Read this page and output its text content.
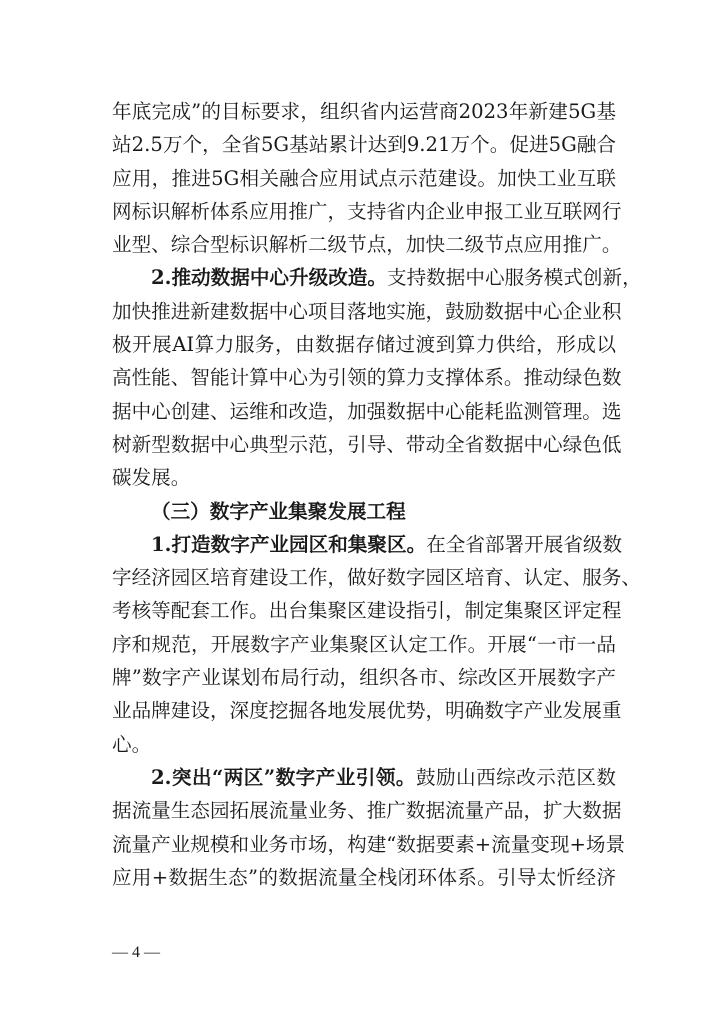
年底完成”的目标要求，组织省内运营商2023年新建5G基
站2.5万个，全省5G基站累计达到9.21万个。促进5G融合
应用，推进5G相关融合应用试点示范建设。加快工业互联
网标识解析体系应用推广，支持省内企业申报工业互联网行
业型、综合型标识解析二级节点，加快二级节点应用推广。
2.推动数据中心升级改造。支持数据中心服务模式创新，
加快推进新建数据中心项目落地实施，鼓励数据中心企业积
极开展AI算力服务，由数据存储过渡到算力供给，形成以
高性能、智能计算中心为引领的算力支撑体系。推动绿色数
据中心创建、运维和改造，加强数据中心能耗监测管理。选
树新型数据中心典型示范，引导、带动全省数据中心绿色低
碳发展。
（三）数字产业集聚发展工程
1.打造数字产业园区和集聚区。在全省部署开展省级数
字经济园区培育建设工作，做好数字园区培育、认定、服务、
考核等配套工作。出台集聚区建设指引，制定集聚区评定程
序和规范，开展数字产业集聚区认定工作。开展“一市一品
牌”数字产业谋划布局行动，组织各市、综改区开展数字产
业品牌建设，深度挖掘各地发展优势，明确数字产业发展重
心。
2.突出“两区”数字产业引领。鼓励山西综改示范区数
据流量生态园拓展流量业务、推广数据流量产品，扩大数据
流量产业规模和业务市场，构建“数据要素+流量变现+场景
应用+数据生态”的数据流量全栈闭环体系。引导太忻经济
— 4 —
